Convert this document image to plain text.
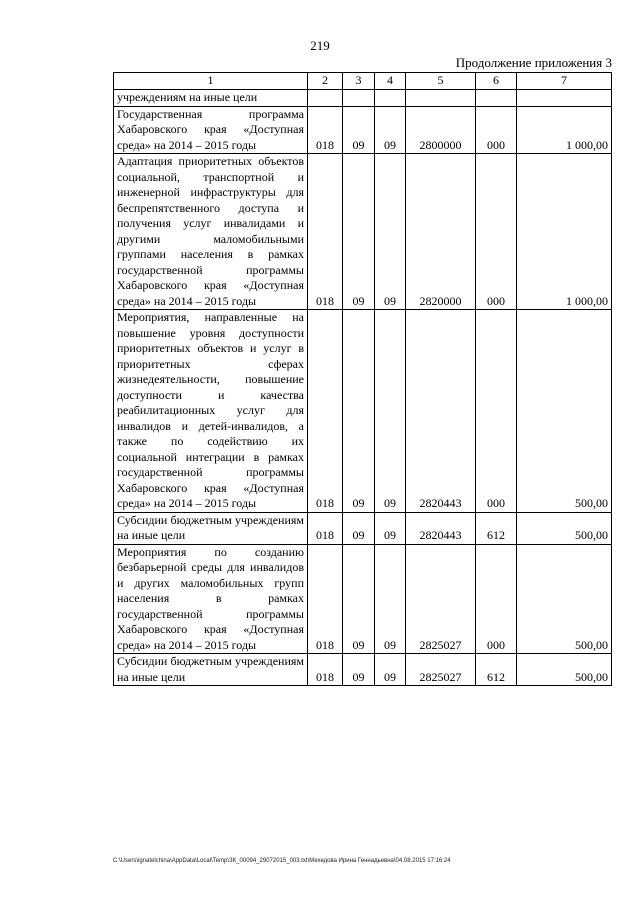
219
Продолжение приложения 3
1	2	3	4	5	6	7
учреждениям на иные цели						
Государственная программа Хабаровского края «Доступная среда» на 2014 – 2015 годы	018	09	09	2800000	000	1 000,00
Адаптация приоритетных объектов социальной, транспортной и инженерной инфраструктуры для беспрепятственного доступа и получения услуг инвалидами и другими маломобильными группами населения в рамках государственной программы Хабаровского края «Доступная среда» на 2014 – 2015 годы	018	09	09	2820000	000	1 000,00
Мероприятия, направленные на повышение уровня доступности приоритетных объектов и услуг в приоритетных сферах жизнедеятельности, повышение доступности и качества реабилитационных услуг для инвалидов и детей-инвалидов, а также по содействию их социальной интеграции в рамках государственной программы Хабаровского края «Доступная среда» на 2014 – 2015 годы	018	09	09	2820443	000	500,00
Субсидии бюджетным учреждениям на иные цели	018	09	09	2820443	612	500,00
Мероприятия по созданию безбарьерной среды для инвалидов и других маломобильных групп населения в рамках государственной программы Хабаровского края «Доступная среда» на 2014 – 2015 годы	018	09	09	2825027	000	500,00
Субсидии бюджетным учреждениям на иные цели	018	09	09	2825027	612	500,00
C:\Users\ignatelchina\AppData\Local\Temp\ЗК_00094_29072015_003.txt\Мехедова Ирина Геннадьевна\04.08.2015 17:16:24
